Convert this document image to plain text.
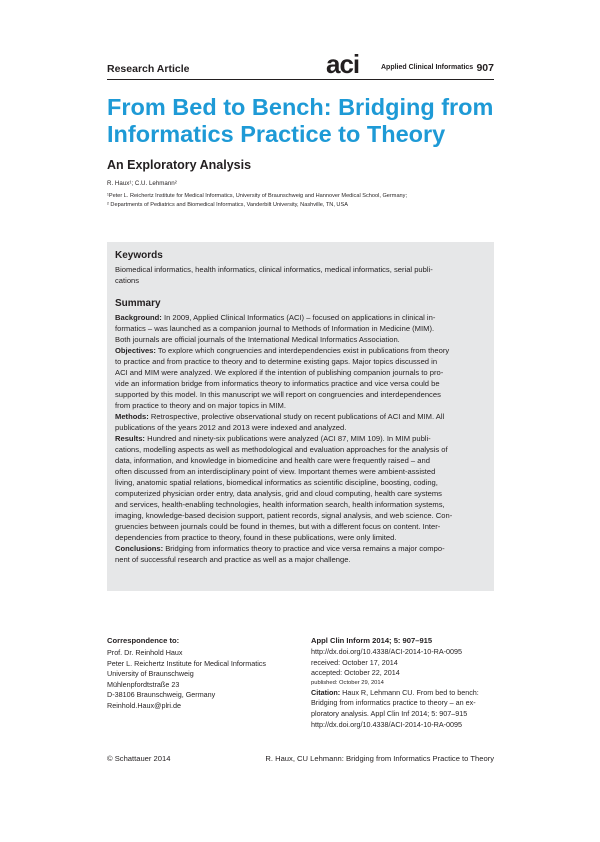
Research Article	aci	Applied Clinical Informatics 907
From Bed to Bench: Bridging from
Informatics Practice to Theory
An Exploratory Analysis
R. Haux¹; C.U. Lehmann²
¹Peter L. Reichertz Institute for Medical Informatics, University of Braunschweig and Hannover Medical School, Germany;
² Departments of Pediatrics and Biomedical Informatics, Vanderbilt University, Nashville, TN, USA

Keywords

Biomedical informatics, health informatics, clinical informatics, medical informatics, serial publi-
cations

Summary

Background: In 2009, Applied Clinical Informatics (ACI) – focused on applications in clinical in-
formatics – was launched as a companion journal to Methods of Information in Medicine (MIM).
Both journals are official journals of the International Medical Informatics Association.

Objectives: To explore which congruencies and interdependencies exist in publications from theory
to practice and from practice to theory and to determine existing gaps. Major topics discussed in
ACI and MIM were analyzed. We explored if the intention of publishing companion journals to pro-
vide an information bridge from informatics theory to informatics practice and vice versa could be
supported by this model. In this manuscript we will report on congruencies and interdependences
from practice to theory and on major topics in MIM.

Methods: Retrospective, prolective observational study on recent publications of ACI and MIM. All
publications of the years 2012 and 2013 were indexed and analyzed.

Results: Hundred and ninety-six publications were analyzed (ACI 87, MIM 109). In MIM publi-
cations, modelling aspects as well as methodological and evaluation approaches for the analysis of
data, information, and knowledge in biomedicine and health care were frequently raised – and
often discussed from an interdisciplinary point of view. Important themes were ambient-assisted
living, anatomic spatial relations, biomedical informatics as scientific discipline, boosting, coding,
computerized physician order entry, data analysis, grid and cloud computing, health care systems
and services, health-enabling technologies, health information search, health information systems,
imaging, knowledge-based decision support, patient records, signal analysis, and web science. Con-
gruencies between journals could be found in themes, but with a different focus on content. Inter-
dependencies from practice to theory, found in these publications, were only limited.

Conclusions: Bridging from informatics theory to practice and vice versa remains a major compo-
nent of successful research and practice as well as a major challenge.

Correspondence to:

Prof. Dr. Reinhold Haux
Peter L. Reichertz Institute for Medical Informatics
University of Braunschweig
Mühlenpfordtstraße 23
D-38106 Braunschweig, Germany
Reinhold.Haux@plri.de
Appl Clin Inform 2014; 5: 907–915
http://dx.doi.org/10.4338/ACI-2014-10-RA-0095
received: October 17, 2014
accepted: October 22, 2014
published: October 29, 2014
Citation: Haux R, Lehmann CU. From bed to bench:
Bridging from informatics practice to theory – an ex-
ploratory analysis. Appl Clin Inf 2014; 5: 907–915
http://dx.doi.org/10.4338/ACI-2014-10-RA-0095
© Schattauer 2014	R. Haux, CU Lehmann: Bridging from Informatics Practice to Theory
